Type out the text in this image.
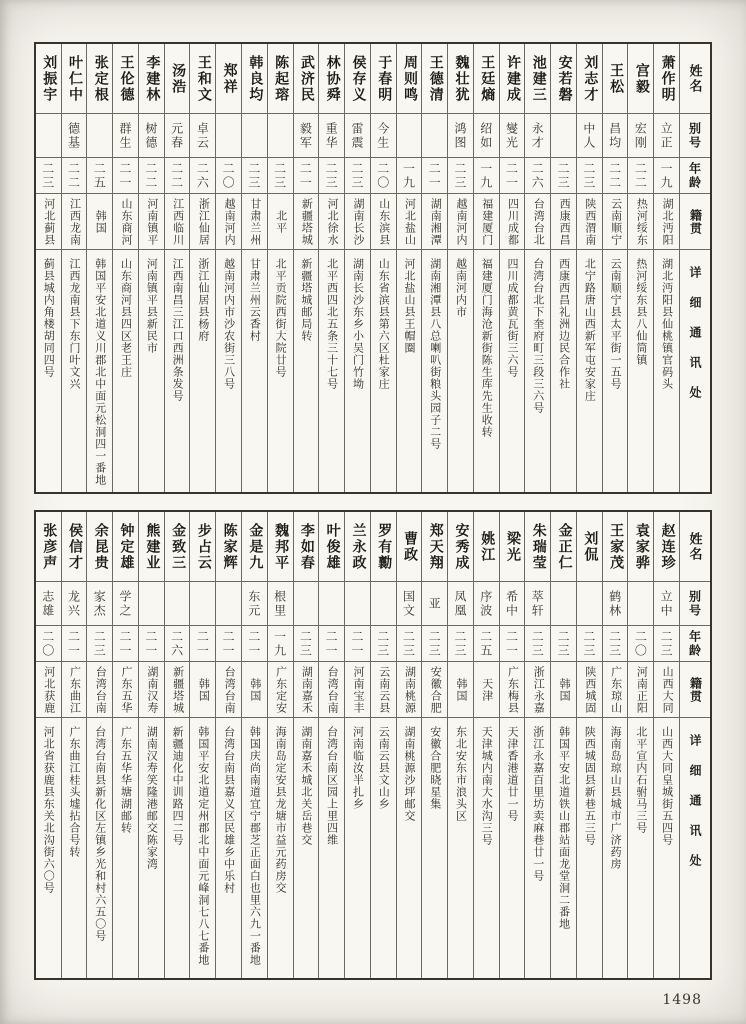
姓名
别号
年龄
籍贯
详细通讯处
萧作明
立正
一九
湖北沔阳
湖北沔阳县仙桃镇官码头
宫毅
宏刚
二二
热河绥东
热河绥东县八仙筒镇
王松
昌均
二二
云南顺宁
云南顺宁县太平街一五号
刘志才
中人
二三
陕西渭南
北宁路唐山西新军屯安家庄
安若磐
二三
西康西昌
西康西昌礼洲边民合作社
池建三
永才
二六
台湾台北
台湾台北下奎府町三段三六号
许建成
燮光
二一
四川成都
四川成都黄瓦街三六号
王廷熵
绍如
一九
福建厦门
福建厦门海沧新街陈生库先生收转
魏壮犹
鸿图
二三
越南河内
越南河内市
王德清
二一
湖南湘潭
湖南湘潭县八总喇叭街粮头园子二号
周则鸣
一九
河北盐山
河北盐山县王帽圈
于春明
今生
二〇
山东滨县
山东省滨县第六区杜家庄
侯存义
雷震
二三
湖南长沙
湖南长沙东乡小吴门竹坳
林协舜
重华
二三
河北徐水
北平西四北五条三十七号
武济民
毅军
二一
新疆塔城
新疆塔城邮局转
陈起瑢
二三
北平
北平贡院西街大院廿号
韩良均
二三
甘肃兰州
甘肃兰州云香村
郑祥
二〇
越南河内
越南河内市沙农街三八号
王和文
卓云
二六
浙江仙居
浙江仙居县杨府
汤浩
元春
二二
江西临川
江西南昌三江口西洲条发号
李建林
树德
二二
河南镇平
河南镇平县新民市
王伦德
群生
二一
山东商河
山东商河县四区老王庄
张定根
二五
韩国
韩国平安北道义川郡北中面元松洞四一番地
叶仁中
德基
二二
江西龙南
江西龙南县下东门叶文兴
刘振宇
二三
河北蓟县
蓟县城内角楼胡同四号
姓名
别号
年龄
籍贯
详细通讯处
赵连珍
立中
二三
山西大同
山西大同皇城街五四号
袁家骅
二〇
河南正阳
北平宣内石驸马三号
王家茂
鹤林
二三
广东琼山
海南岛琼山县城市广济药房
刘侃
二三
陕西城固
陕西城固县新巷五三号
金正仁
二三
韩国
韩国平安北道铁山郡站面龙堂洞二番地
朱瑞莹
萃轩
二三
浙江永嘉
浙江永嘉百里坊卖麻巷廿一号
梁光
希中
二一
广东梅县
天津香港道廿一号
姚江
序波
二五
天津
天津城内南大水沟三号
安秀成
凤凰
二三
韩国
东北安东市浪头区
郑天翔
亚
二三
安徽合肥
安徽合肥晓星集
曹政
国文
二三
湖南桃源
湖南桃源沙坪邮交
罗有勷
二三
云南云县
云南云县文山乡
兰永政
二一
河南宝丰
河南临汝半扎乡
叶俊雄
二一
台湾台南
台湾台南区园上里四维
李如春
二三
湖南嘉禾
湖南嘉禾城北关岳巷交
魏邦平
根里
一九
广东定安
海南岛定安县龙塘市益元药房交
金是九
东元
二一
韩国
韩国庆尚南道宜宁郡芝正面白也里六九一番地
陈家辉
二一
台湾台南
台湾台南县嘉义区民雄乡中乐村
步占云
二一
韩国
韩国平安北道定州郡北中面元峰洞七八七番地
金致三
二六
新疆塔城
新疆迪化中训路四二号
熊建业
二一
湖南汉寿
湖南汉寿笑隆港邮交陈家湾
钟定雄
学之
二一
广东五华
广东五华华塘湖邮转
余昆贵
家杰
二三
台湾台南
台湾台南县新化区左镇乡光和村六五〇号
侯信才
龙兴
二一
广东曲江
广东曲江桂头墟拈合号转
张彦声
志雄
二〇
河北获鹿
河北省获鹿县东关北沟街六〇号
1498
